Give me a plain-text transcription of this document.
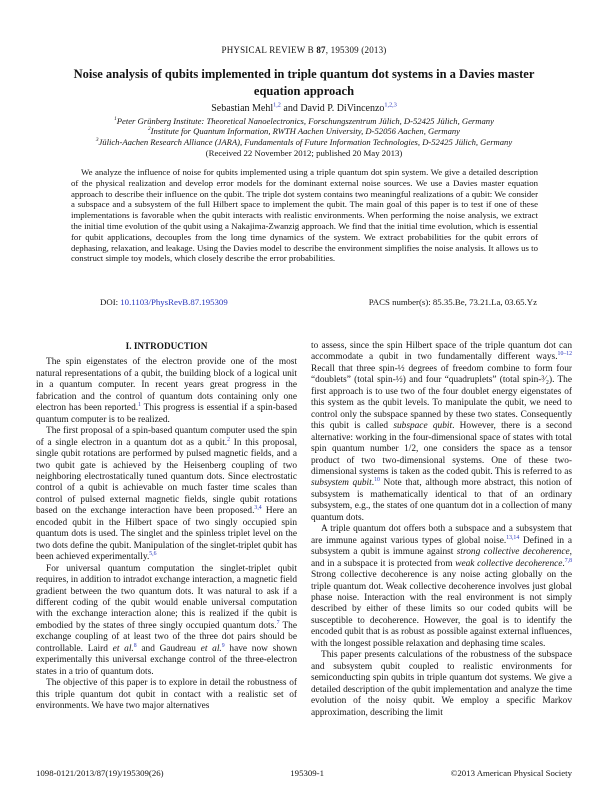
PHYSICAL REVIEW B 87, 195309 (2013)
Noise analysis of qubits implemented in triple quantum dot systems in a Davies master equation approach
Sebastian Mehl$^{1,2}$ and David P. DiVincenzo$^{1,2,3}$
$^1$Peter Grünberg Institute: Theoretical Nanoelectronics, Forschungszentrum Jülich, D-52425 Jülich, Germany
$^2$Institute for Quantum Information, RWTH Aachen University, D-52056 Aachen, Germany
$^3$Jülich-Aachen Research Alliance (JARA), Fundamentals of Future Information Technologies, D-52425 Jülich, Germany
(Received 22 November 2012; published 20 May 2013)
We analyze the influence of noise for qubits implemented using a triple quantum dot spin system. We give a detailed description of the physical realization and develop error models for the dominant external noise sources. We use a Davies master equation approach to describe their influence on the qubit. The triple dot system contains two meaningful realizations of a qubit: We consider a subspace and a subsystem of the full Hilbert space to implement the qubit. The main goal of this paper is to test if one of these implementations is favorable when the qubit interacts with realistic environments. When performing the noise analysis, we extract the initial time evolution of the qubit using a Nakajima-Zwanzig approach. We find that the initial time evolution, which is essential for qubit applications, decouples from the long time dynamics of the system. We extract probabilities for the qubit errors of dephasing, relaxation, and leakage. Using the Davies model to describe the environment simplifies the noise analysis. It allows us to construct simple toy models, which closely describe the error probabilities.
DOI: 10.1103/PhysRevB.87.195309	PACS number(s): 85.35.Be, 73.21.La, 03.65.Yz
I. INTRODUCTION

The spin eigenstates of the electron provide one of the most natural representations of a qubit, the building block of a logical unit in a quantum computer. In recent years great progress in the fabrication and the control of quantum dots containing only one electron has been reported.$^1$ This progress is essential if a spin-based quantum computer is to be realized.

The first proposal of a spin-based quantum computer used the spin of a single electron in a quantum dot as a qubit.$^2$ In this proposal, single qubit rotations are performed by pulsed magnetic fields, and a two qubit gate is achieved by the Heisenberg coupling of two neighboring electrostatically tuned quantum dots. Since electrostatic control of a qubit is achievable on much faster time scales than control of pulsed external magnetic fields, single qubit rotations based on the exchange interaction have been proposed.$^{3,4}$ Here an encoded qubit in the Hilbert space of two singly occupied spin quantum dots is used. The singlet and the spinless triplet level on the two dots define the qubit. Manipulation of the singlet-triplet qubit has been achieved experimentally.$^{5,6}$

For universal quantum computation the singlet-triplet qubit requires, in addition to intradot exchange interaction, a magnetic field gradient between the two quantum dots. It was natural to ask if a different coding of the qubit would enable universal computation with the exchange interaction alone; this is realized if the qubit is embodied by the states of three singly occupied quantum dots.$^7$ The exchange coupling of at least two of the three dot pairs should be controllable. Laird et al.$^8$ and Gaudreau et al.$^9$ have now shown experimentally this universal exchange control of the three-electron states in a trio of quantum dots.

The objective of this paper is to explore in detail the robustness of this triple quantum dot qubit in contact with a realistic set of environments. We have two major alternatives

to assess, since the spin Hilbert space of the triple quantum dot can accommodate a qubit in two fundamentally different ways.$^{10-12}$ Recall that three spin-½ degrees of freedom combine to form four “doublets” (total spin-½) and four “quadruplets” (total spin-³⁄₂). The first approach is to use two of the four doublet energy eigenstates of this system as the qubit levels. To manipulate the qubit, we need to control only the subspace spanned by these two states. Consequently this qubit is called subspace qubit. However, there is a second alternative: working in the four-dimensional space of states with total spin quantum number 1/2, one considers the space as a tensor product of two two-dimensional systems. One of these two-dimensional systems is taken as the coded qubit. This is referred to as subsystem qubit.$^{10}$ Note that, although more abstract, this notion of subsystem is mathematically identical to that of an ordinary subsystem, e.g., the states of one quantum dot in a collection of many quantum dots.

A triple quantum dot offers both a subspace and a subsystem that are immune against various types of global noise.$^{13,14}$ Defined in a subsystem a qubit is immune against strong collective decoherence, and in a subspace it is protected from weak collective decoherence.$^{7,8}$ Strong collective decoherence is any noise acting globally on the triple quantum dot. Weak collective decoherence involves just global phase noise. Interaction with the real environment is not simply described by either of these limits so our coded qubits will be susceptible to decoherence. However, the goal is to identify the encoded qubit that is as robust as possible against external influences, with the longest possible relaxation and dephasing time scales.

This paper presents calculations of the robustness of the subspace and subsystem qubit coupled to realistic environments for semiconducting spin qubits in triple quantum dot systems. We give a detailed description of the qubit implementation and analyze the time evolution of the noisy qubit. We employ a specific Markov approximation, describing the limit

1098-0121/2013/87(19)/195309(26)	195309-1	©2013 American Physical Society
